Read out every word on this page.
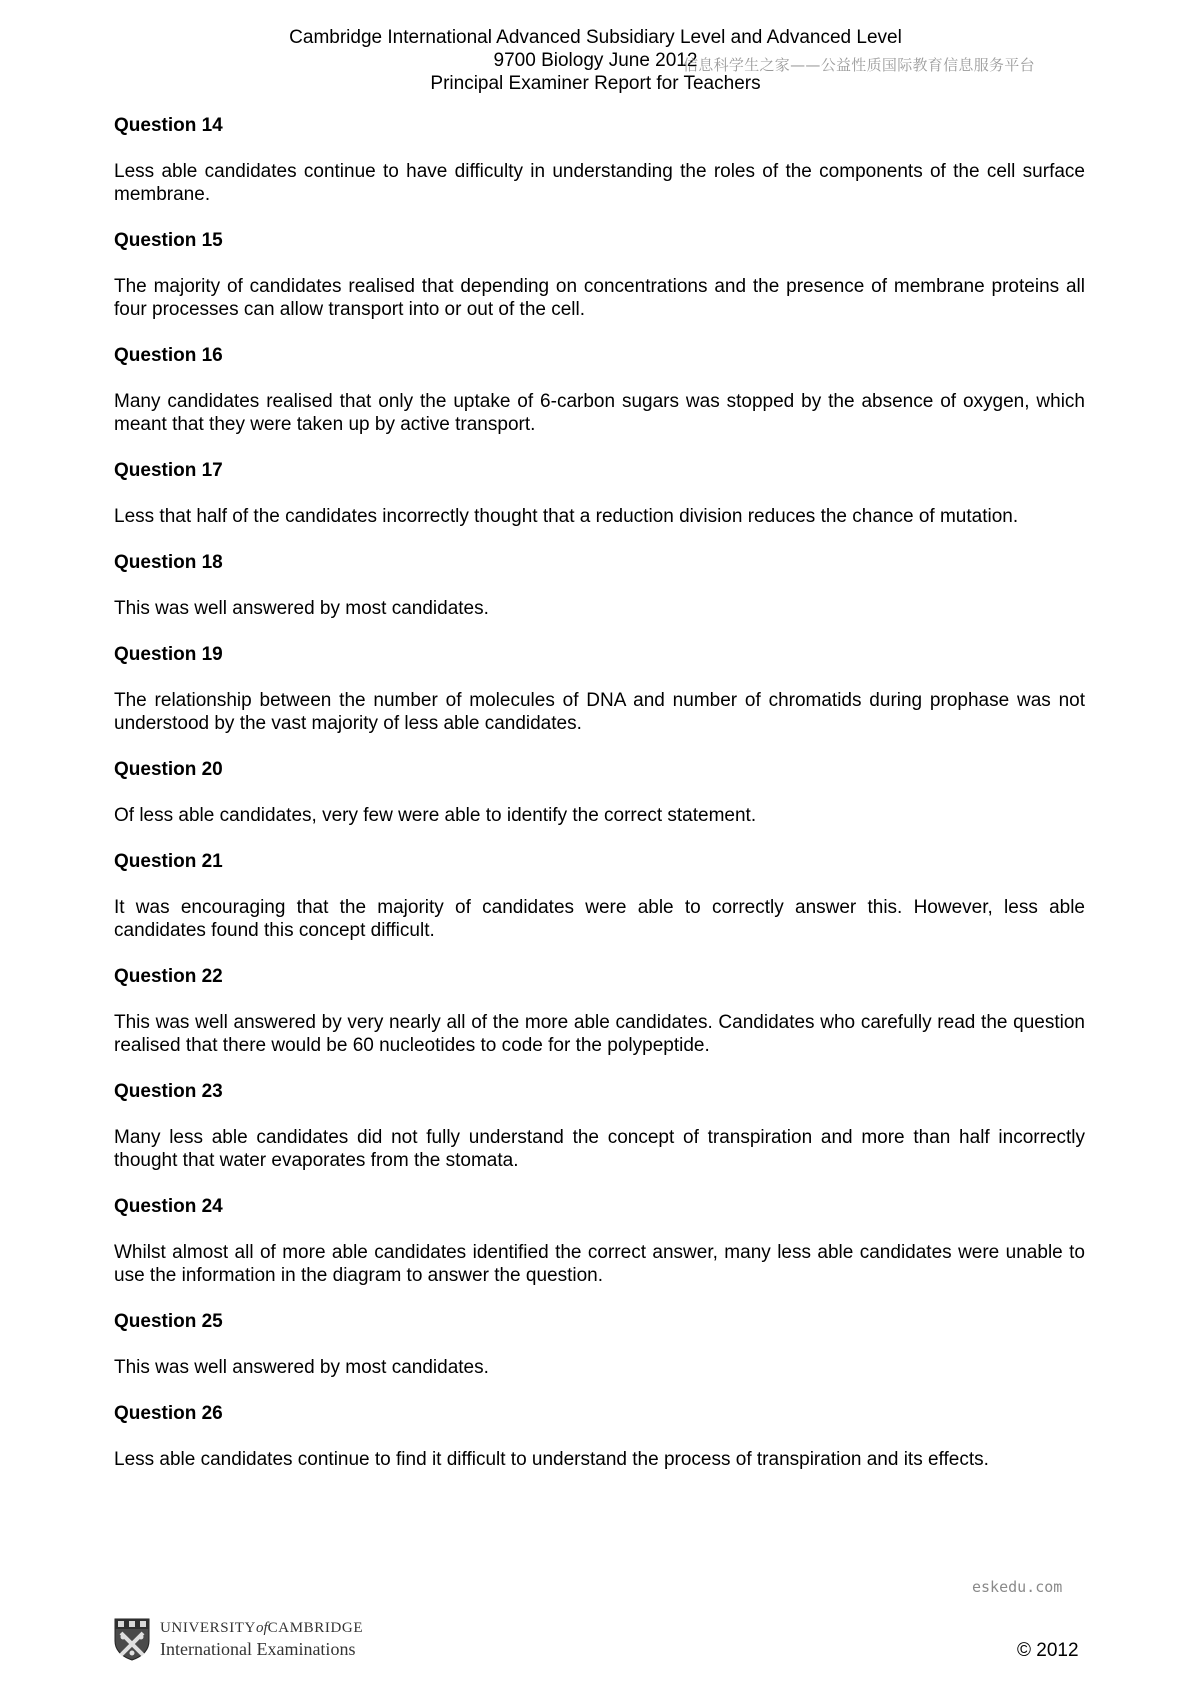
Cambridge International Advanced Subsidiary Level and Advanced Level
9700 Biology June 2012
Principal Examiner Report for Teachers
信息科学生之家——公益性质国际教育信息服务平台
Question 14
Less able candidates continue to have difficulty in understanding the roles of the components of the cell surface membrane.
Question 15
The majority of candidates realised that depending on concentrations and the presence of membrane proteins all four processes can allow transport into or out of the cell.
Question 16
Many candidates realised that only the uptake of 6-carbon sugars was stopped by the absence of oxygen, which meant that they were taken up by active transport.
Question 17
Less that half of the candidates incorrectly thought that a reduction division reduces the chance of mutation.
Question 18
This was well answered by most candidates.
Question 19
The relationship between the number of molecules of DNA and number of chromatids during prophase was not understood by the vast majority of less able candidates.
Question 20
Of less able candidates, very few were able to identify the correct statement.
Question 21
It was encouraging that the majority of candidates were able to correctly answer this. However, less able candidates found this concept difficult.
Question 22
This was well answered by very nearly all of the more able candidates. Candidates who carefully read the question realised that there would be 60 nucleotides to code for the polypeptide.
Question 23
Many less able candidates did not fully understand the concept of transpiration and more than half incorrectly thought that water evaporates from the stomata.
Question 24
Whilst almost all of more able candidates identified the correct answer, many less able candidates were unable to use the information in the diagram to answer the question.
Question 25
This was well answered by most candidates.
Question 26
Less able candidates continue to find it difficult to understand the process of transpiration and its effects.
eskedu.com
UNIVERSITYofCAMBRIDGE
International Examinations	© 2012
